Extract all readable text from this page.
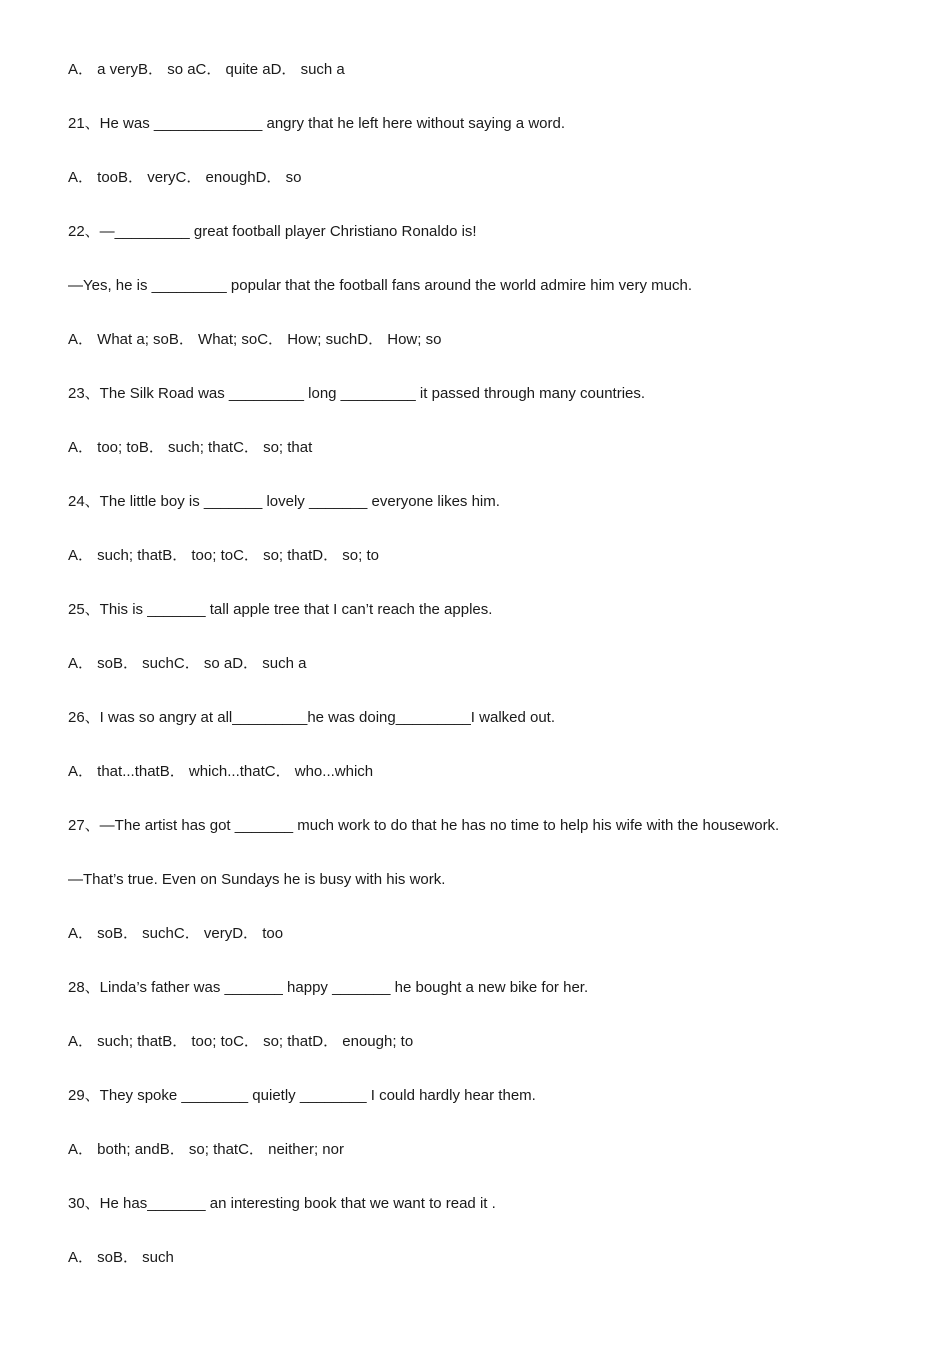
A． a veryB． so aC． quite aD． such a
21、He was _____________ angry that he left here without saying a word.
A． tooB． veryC． enoughD． so
22、—_________ great football player Christiano Ronaldo is!
—Yes, he is _________ popular that the football fans around the world admire him very much.
A． What a; soB． What; soC． How; suchD． How; so
23、The Silk Road was _________ long _________ it passed through many countries.
A． too; toB． such; thatC． so; that
24、The little boy is _______ lovely _______ everyone likes him.
A． such; thatB． too; toC． so; thatD． so; to
25、This is _______ tall apple tree that I can’t reach the apples.
A． soB． suchC． so aD． such a
26、I was so angry at all_________he was doing_________I walked out.
A． that...thatB． which...thatC． who...which
27、—The artist has got _______ much work to do that he has no time to help his wife with the housework.
—That’s true. Even on Sundays he is busy with his work.
A． soB． suchC． veryD． too
28、Linda’s father was _______ happy _______ he bought a new bike for her.
A． such; thatB． too; toC． so; thatD． enough; to
29、They spoke ________ quietly ________ I could hardly hear them.
A． both; andB． so; thatC． neither; nor
30、He has_______ an interesting book that we want to read it .
A． soB． such
